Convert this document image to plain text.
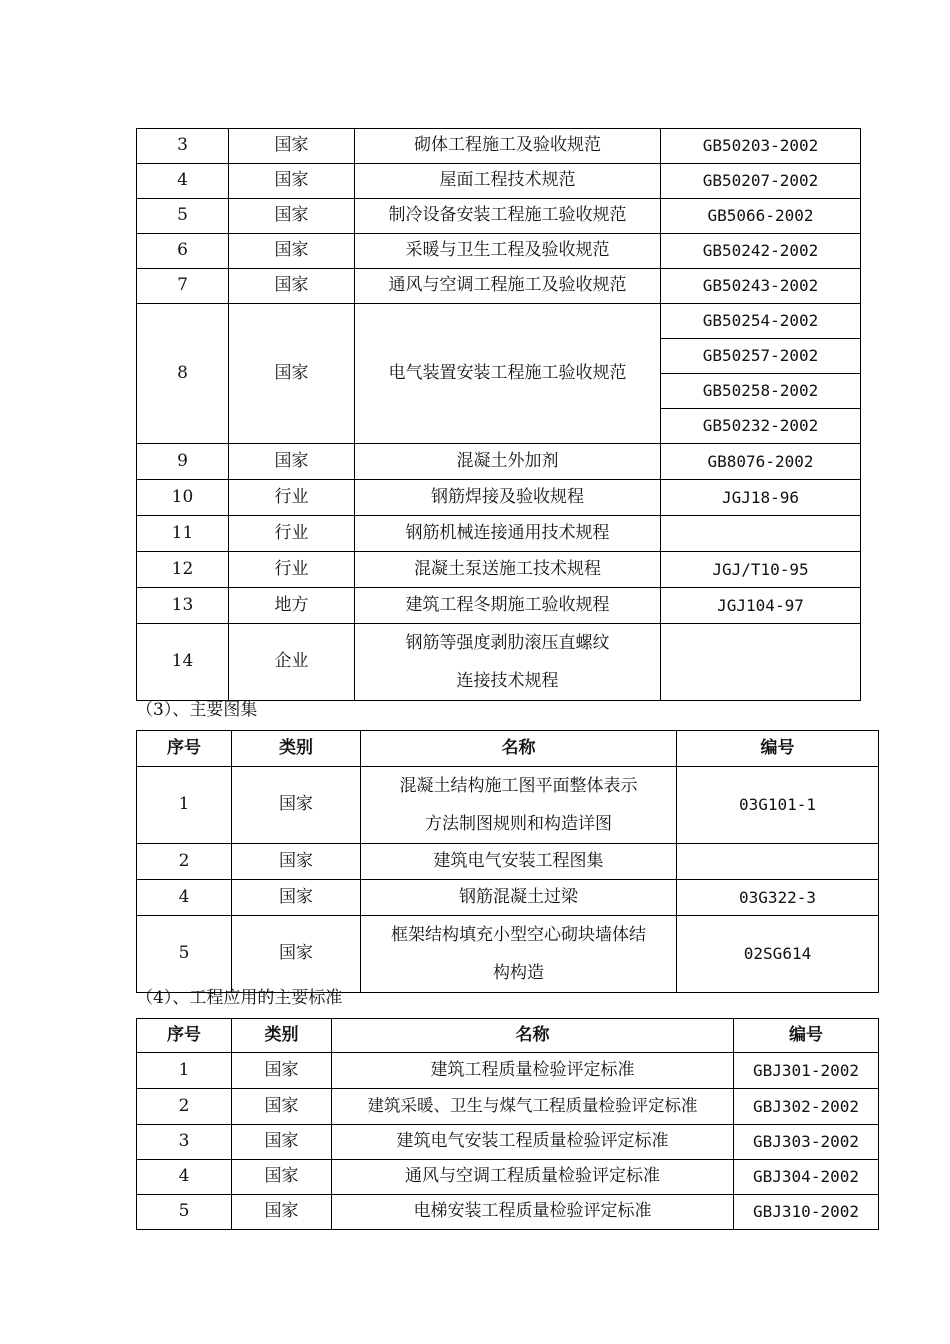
3	国家	砌体工程施工及验收规范	GB50203-2002
4	国家	屋面工程技术规范	GB50207-2002
5	国家	制冷设备安装工程施工验收规范	GB5066-2002
6	国家	采暖与卫生工程及验收规范	GB50242-2002
7	国家	通风与空调工程施工及验收规范	GB50243-2002
8	国家	电气装置安装工程施工验收规范	GB50254-2002
			GB50257-2002
			GB50258-2002
			GB50232-2002
9	国家	混凝土外加剂	GB8076-2002
10	行业	钢筋焊接及验收规程	JGJ18-96
11	行业	钢筋机械连接通用技术规程	
12	行业	混凝土泵送施工技术规程	JGJ/T10-95
13	地方	建筑工程冬期施工验收规程	JGJ104-97
14	企业	钢筋等强度剥肋滚压直螺纹
连接技术规程	
（3）、主要图集
序号	类别	名称	编号
1	国家	混凝土结构施工图平面整体表示
方法制图规则和构造详图	03G101-1
2	国家	建筑电气安装工程图集	
4	国家	钢筋混凝土过梁	03G322-3
5	国家	框架结构填充小型空心砌块墙体结
构构造	02SG614
（4）、工程应用的主要标准
序号	类别	名称	编号
1	国家	建筑工程质量检验评定标准	GBJ301-2002
2	国家	建筑采暖、卫生与煤气工程质量检验评定标准	GBJ302-2002
3	国家	建筑电气安装工程质量检验评定标准	GBJ303-2002
4	国家	通风与空调工程质量检验评定标准	GBJ304-2002
5	国家	电梯安装工程质量检验评定标准	GBJ310-2002
